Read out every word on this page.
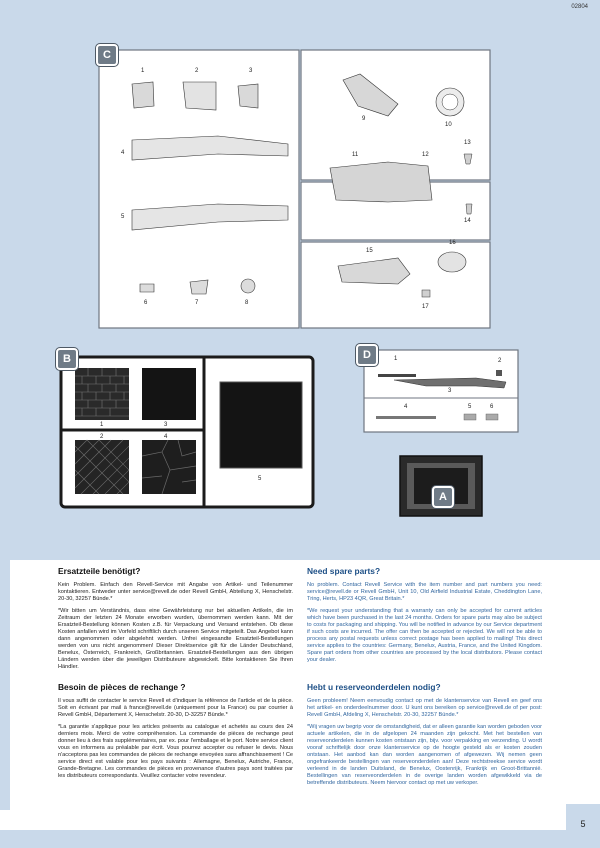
02804
C
1	2	3
4
5
6	7	8
9
10
11	12
13
14
15
16
17
B
1	3
2	4
5
D	1	2
3
4	5	6
A
Ersatzteile benötigt?

Kein Problem. Einfach den Revell-Service mit Angabe von Artikel- und Teilenummer kontaktieren. Entweder unter service@revell.de oder Revell GmbH, Abteilung X, Henschelstr. 20-30, 32257 Bünde.*

*Wir bitten um Verständnis, dass eine Gewährleistung nur bei aktuellen Artikeln, die im Zeitraum der letzten 24 Monate erworben wurden, übernommen werden kann. Mit der Ersatzteil-Bestellung können Kosten z.B. für Verpackung und Versand entstehen. Ob diese Kosten anfallen wird im Vorfeld schriftlich durch unseren Service mitgeteilt. Das Angebot kann dann angenommen oder abgelehnt werden. Unfrei eingesandte Ersatzteil-Bestellungen werden von uns nicht angenommen! Dieser Direktservice gilt für die Länder Deutschland, Benelux, Österreich, Frankreich, Großbritannien. Ersatzteil-Bestellungen aus den übrigen Ländern werden über die jeweiligen Distributeure abgewickelt. Bitte kontaktieren Sie Ihren Händler.

Besoin de pièces de rechange ?

Il vous suffit de contacter le service Revell et d'indiquer la référence de l'article et de la pièce. Soit en écrivant par mail à france@revell.de (uniquement pour la France) ou par courrier à Revell GmbH, Département X, Henschelstr. 20-30, D-32257 Bünde.*

*La garantie s'applique pour les articles présents au catalogue et achetés au cours des 24 derniers mois. Merci de votre compréhension. La commande de pièces de rechange peut donner lieu à des frais supplémentaires, par ex. pour l'emballage et le port. Notre service client vous en informera au préalable par écrit. Vous pourrez accepter ou refuser le devis. Nous n'acceptons pas les commandes de pièces de rechange envoyées sans affranchissement ! Ce service direct est valable pour les pays suivants : Allemagne, Benelux, Autriche, France, Grande-Bretagne. Les commandes de pièces en provenance d'autres pays sont traitées par les distributeurs correspondants. Veuillez contacter votre revendeur.

Need spare parts?

No problem. Contact Revell Service with the item number and part numbers you need: service@revell.de or Revell GmbH, Unit 10, Old Airfield Industrial Estate, Cheddington Lane, Tring, Herts, HP23 4QR, Great Britain.*

*We request your understanding that a warranty can only be accepted for current articles which have been purchased in the last 24 months. Orders for spare parts may also be subject to costs for packaging and shipping. You will be notified in advance by our Service department if such costs are incurred. The offer can then be accepted or rejected. We will not be able to process any postal requests unless correct postage has been applied to mailing! This direct service applies to the countries: Germany, Benelux, Austria, France, and the United Kingdom. Spare part orders from other countries are processed by the local distributors. Please contact your dealer.

Hebt u reserveonderdelen nodig?

Geen probleem! Neem eenvoudig contact op met de klantenservice van Revell en geef ons het artikel- en onderdeelnummer door. U kunt ons bereiken op service@revell.de of per post: Revell GmbH, Afdeling X, Henschelstr. 20-30, 32257 Bünde.*

*Wij vragen uw begrip voor de omstandigheid, dat er alleen garantie kan worden geboden voor actuele artikelen, die in de afgelopen 24 maanden zijn gekocht. Met het bestellen van reserveonderdelen kunnen kosten ontstaan zijn, bijv. voor verpakking en verzending. U wordt vooraf schriftelijk door onze klantenservice op de hoogte gesteld als er kosten zouden ontstaan. Het aanbod kan dan worden aangenomen of afgewezen. Wij nemen geen ongefrankeerde bestellingen van reserveonderdelen aan! Deze rechtstreekse service wordt verleend in de landen Duitsland, de Benelux, Oostenrijk, Frankrijk en Groot-Brittannië. Bestellingen van reserveonderdelen in de overige landen worden afgewikkeld via de betreffende distributeurs. Neem hiervoor contact op met uw verkoper.

5
